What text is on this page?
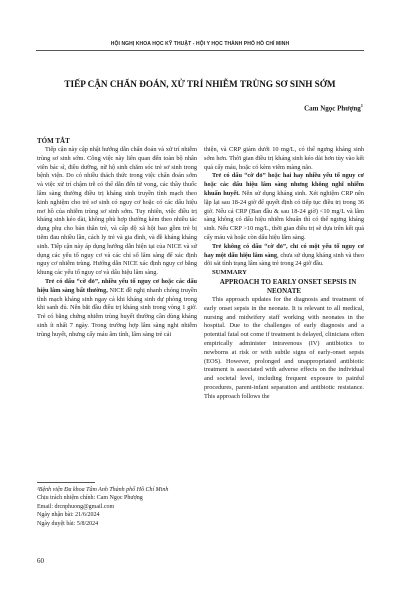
HỘI NGHỊ KHOA HỌC KỸ THUẬT - HỘI Y HỌC THÀNH PHỐ HỒ CHÍ MINH
TIẾP CẬN CHẨN ĐOÁN, XỬ TRÍ NHIỄM TRÙNG SƠ SINH SỚM
Cam Ngọc Phượng$^1$
TÓM TẮT

Tiếp cận này cập nhật hướng dẫn chẩn đoán và xử trí nhiễm trùng sơ sinh sớm. Công việc này liên quan đến toàn bộ nhân viên bác sĩ, điều dưỡng, nữ hộ sinh chăm sóc trẻ sơ sinh trong bệnh viện. Do có nhiều thách thức trong việc chẩn đoán sớm và việc xử trí chậm trễ có thể dẫn đến tử vong, các thầy thuốc lâm sàng thường điều trị kháng sinh truyền tĩnh mạch theo kinh nghiệm cho trẻ sơ sinh có nguy cơ hoặc có các dấu hiệu mơ hồ của nhiễm trùng sơ sinh sớm. Tuy nhiên, việc điều trị kháng sinh kéo dài, không phù hợp thường kèm theo nhiều tác dụng phụ cho bản thân trẻ, và cấp độ xã hội bao gồm trẻ bị tiêm đau nhiều lần, cách ly trẻ và gia đình, và đề kháng kháng sinh. Tiếp cận này áp dụng hướng dẫn hiện tại của NICE và sử dụng các yếu tố nguy cơ và các chỉ số lâm sàng để xác định nguy cơ nhiễm trùng. Hướng dẫn NICE xác định nguy cơ bằng khung các yếu tố nguy cơ và dấu hiệu lâm sàng.

Trẻ có dấu “cờ đỏ”, nhiều yếu tố nguy cơ hoặc các dấu hiệu lâm sàng bất thường, NICE đề nghị nhanh chóng truyền tĩnh mạch kháng sinh ngay cả khi kháng sinh dự phòng trong khi sanh đủ. Nên bắt đầu điều trị kháng sinh trong vòng 1 giờ. Trẻ có bằng chứng nhiễm trùng huyết thường cần dùng kháng sinh ít nhất 7 ngày. Trong trường hợp lâm sàng nghi nhiễm trùng huyết, nhưng cấy máu âm tính, lâm sàng trẻ cải

thiện, và CRP giảm dưới 10 mg/L, có thể ngưng kháng sinh sớm hơn. Thời gian điều trị kháng sinh kéo dài hơn tùy vào kết quả cấy máu, hoặc có kèm viêm màng não.

Trẻ có dấu “cờ đỏ” hoặc hai hay nhiều yếu tố nguy cơ hoặc các dấu hiệu lâm sàng nhưng không nghĩ nhiễm khuẩn huyết. Nên sử dụng kháng sinh. Xét nghiệm CRP nên lặp lại sau 18-24 giờ để quyết định có tiếp tục điều trị trong 36 giờ. Nếu cả CRP (Ban đầu & sau 18-24 giờ) <10 mg/L và lâm sàng không có dấu hiệu nhiễm khuẩn thì có thể ngưng kháng sinh. Nếu CRP >10 mg/L, thời gian điều trị sẽ dựa trên kết quả cấy máu và hoặc còn dấu hiệu lâm sàng.

Trẻ không có dấu “cờ đỏ”, chỉ có một yếu tố nguy cơ hay một dấu hiệu lâm sàng, chưa sử dụng kháng sinh và theo dõi sát tình trạng lâm sàng trẻ trong 24 giờ đầu.

SUMMARY

APPROACH TO EARLY ONSET SEPSIS IN NEONATE

This approach updates for the diagnosis and treatment of early onset sepsis in the neonate. It is relevant to all medical, nursing and midwifery staff working with neonates in the hospital. Due to the challenges of early diagnosis and a potential fatal out come if treatment is delayed, clinicians often empirically administer intravenous (IV) antibiotics to newborns at risk or with subtle signs of early-onset sepsis (EOS). However, prolonged and unappropriated antibiotic treatment is associated with adverse effects on the individual and societal level, including frequent exposure to painful procedures, parent-infant separation and antibiotic resistance. This approach follows the

¹Bệnh viện Đa khoa Tâm Anh Thành phố Hồ Chí Minh
Chịu trách nhiệm chính: Cam Ngọc Phượng
Email: drcnphuong@gmail.com
Ngày nhận bài: 21/6/2024
Ngày duyệt bài: 5/8/2024
60
